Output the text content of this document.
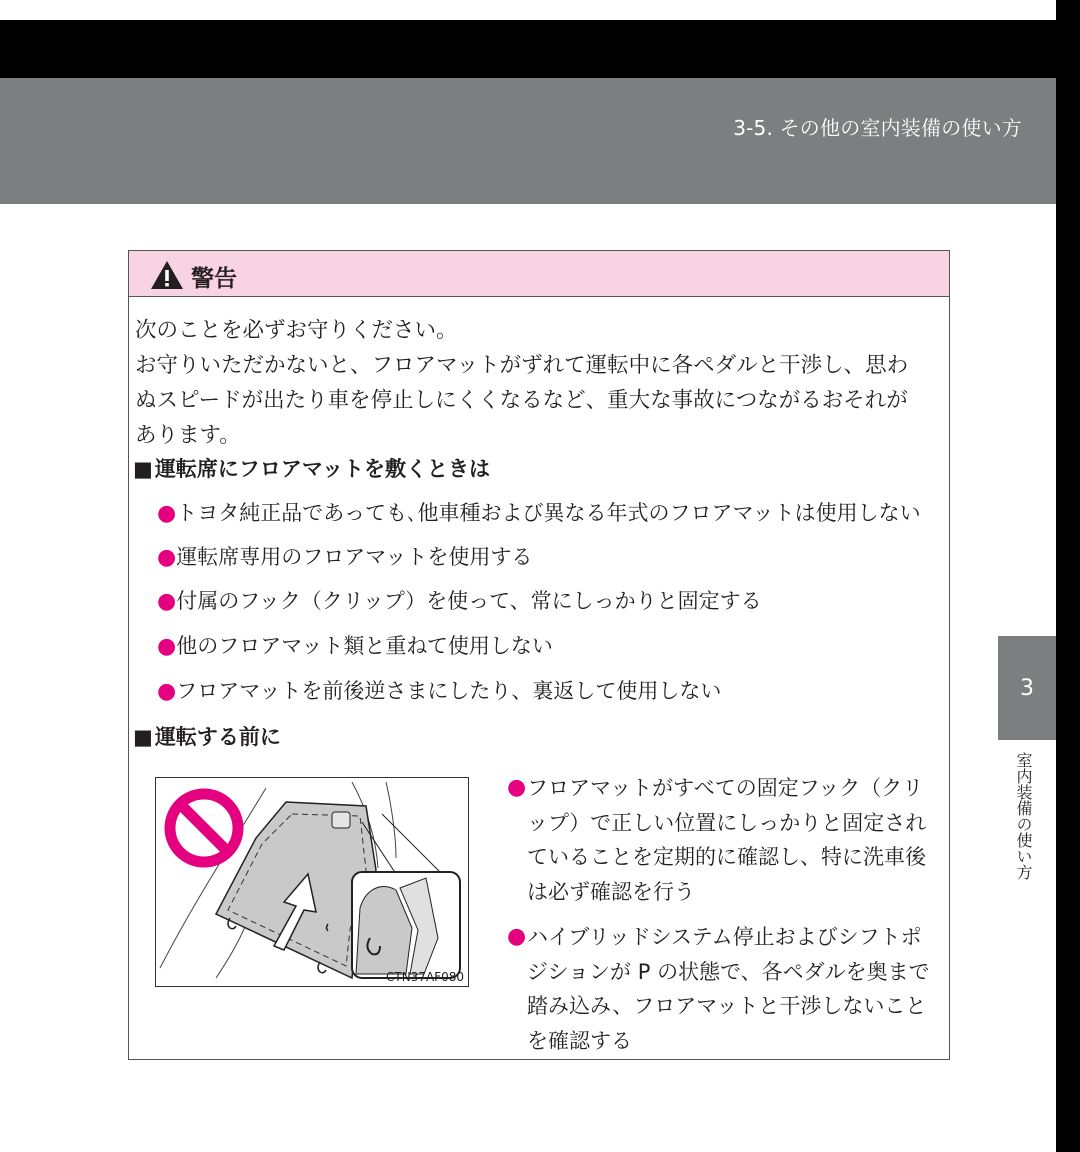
3-5. その他の室内装備の使い方
3
室内装備の使い方
警告
次のことを必ずお守りください。
お守りいただかないと、フロアマットがずれて運転中に各ペダルと干渉し、思わ
ぬスピードが出たり車を停止しにくくなるなど、重大な事故につながるおそれが
あります。
■運転席にフロアマットを敷くときは
●トヨタ純正品であっても､他車種および異なる年式のフロアマットは使用しない
●運転席専用のフロアマットを使用する
●付属のフック（クリップ）を使って、常にしっかりと固定する
●他のフロアマット類と重ねて使用しない
●フロアマットを前後逆さまにしたり、裏返して使用しない
■運転する前に
CTN37AF080
● フロアマットがすべての固定フック（クリップ）で正しい位置にしっかりと固定されていることを定期的に確認し、特に洗車後は必ず確認を行う
● ハイブリッドシステム停止およびシフトポジションが P の状態で、各ペダルを奥まで踏み込み、フロアマットと干渉しないことを確認する
